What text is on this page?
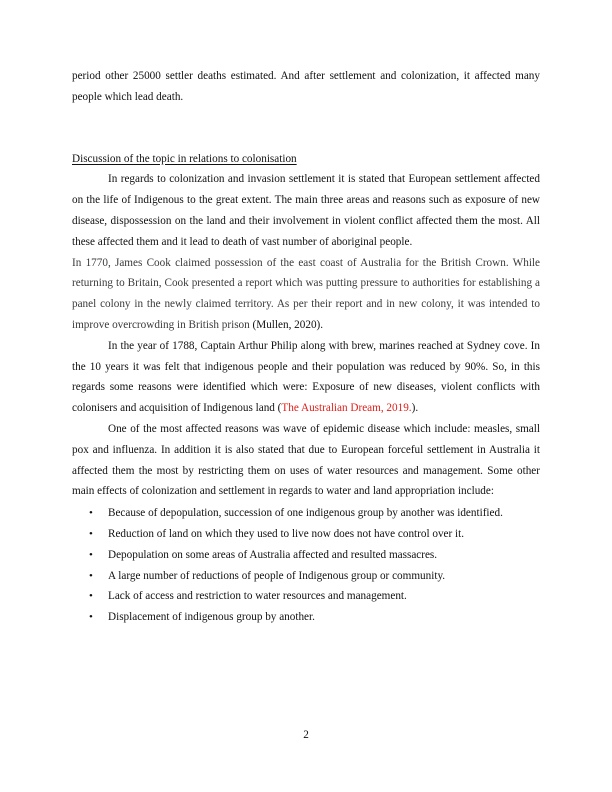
period other 25000 settler deaths estimated. And after settlement and colonization, it affected many people which lead death.

Discussion of the topic in relations to colonisation

In regards to colonization and invasion settlement it is stated that European settlement affected on the life of Indigenous to the great extent. The main three areas and reasons such as exposure of new disease, dispossession on the land and their involvement in violent conflict affected them the most. All these affected them and it lead to death of vast number of aboriginal people.

In 1770, James Cook claimed possession of the east coast of Australia for the British Crown. While returning to Britain, Cook presented a report which was putting pressure to authorities for establishing a panel colony in the newly claimed territory. As per their report and in new colony, it was intended to improve overcrowding in British prison (Mullen, 2020).

In the year of 1788, Captain Arthur Philip along with brew, marines reached at Sydney cove. In the 10 years it was felt that indigenous people and their population was reduced by 90%. So, in this regards some reasons were identified which were: Exposure of new diseases, violent conflicts with colonisers and acquisition of Indigenous land (The Australian Dream, 2019.).

One of the most affected reasons was wave of epidemic disease which include: measles, small pox and influenza. In addition it is also stated that due to European forceful settlement in Australia it affected them the most by restricting them on uses of water resources and management. Some other main effects of colonization and settlement in regards to water and land appropriation include:

• Because of depopulation, succession of one indigenous group by another was identified.
• Reduction of land on which they used to live now does not have control over it.
• Depopulation on some areas of Australia affected and resulted massacres.
• A large number of reductions of people of Indigenous group or community.
• Lack of access and restriction to water resources and management.
• Displacement of indigenous group by another.
2
